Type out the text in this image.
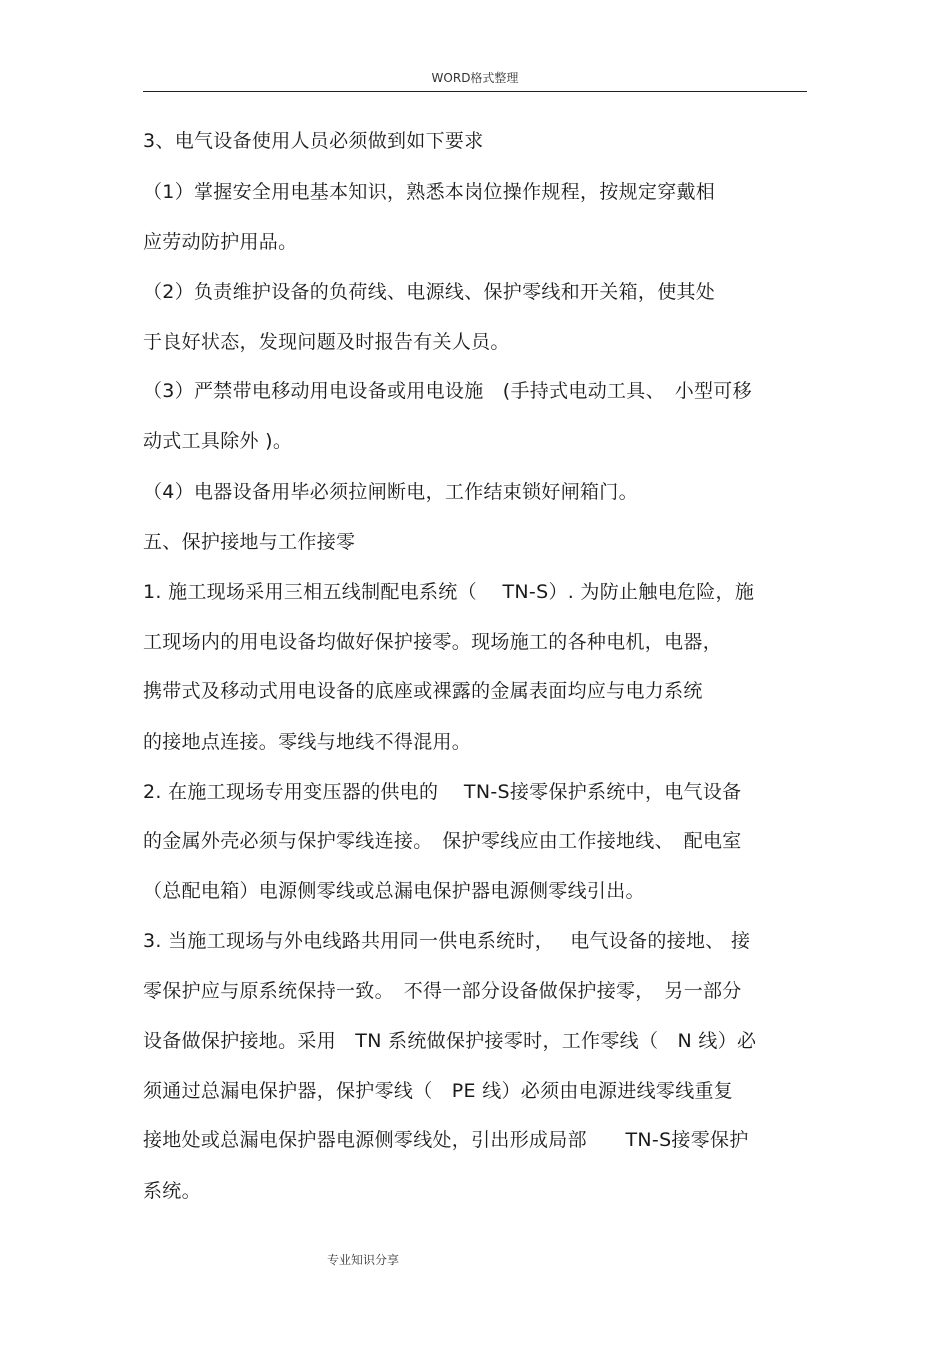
WORD格式整理
3、电气设备使用人员必须做到如下要求
（1）掌握安全用电基本知识，熟悉本岗位操作规程，按规定穿戴相
应劳动防护用品。
（2）负责维护设备的负荷线、电源线、保护零线和开关箱，使其处
于良好状态，发现问题及时报告有关人员。
（3）严禁带电移动用电设备或用电设施　(手持式电动工具、　小型可移
动式工具除外 )。
（4）电器设备用毕必须拉闸断电，工作结束锁好闸箱门。
五、保护接地与工作接零
1. 施工现场采用三相五线制配电系统（　 TN-S）. 为防止触电危险，施
工现场内的用电设备均做好保护接零。现场施工的各种电机，电器，
携带式及移动式用电设备的底座或裸露的金属表面均应与电力系统
的接地点连接。零线与地线不得混用。
2. 在施工现场专用变压器的供电的　 TN-S接零保护系统中，电气设备
的金属外壳必须与保护零线连接。　保护零线应由工作接地线、　配电室
（总配电箱）电源侧零线或总漏电保护器电源侧零线引出。
3. 当施工现场与外电线路共用同一供电系统时，　 电气设备的接地、 接
零保护应与原系统保持一致。　不得一部分设备做保护接零，　另一部分
设备做保护接地。采用　TN 系统做保护接零时，工作零线（　N 线）必
须通过总漏电保护器，保护零线（　PE 线）必须由电源进线零线重复
接地处或总漏电保护器电源侧零线处，引出形成局部　　TN-S接零保护
系统。
专业知识分享
